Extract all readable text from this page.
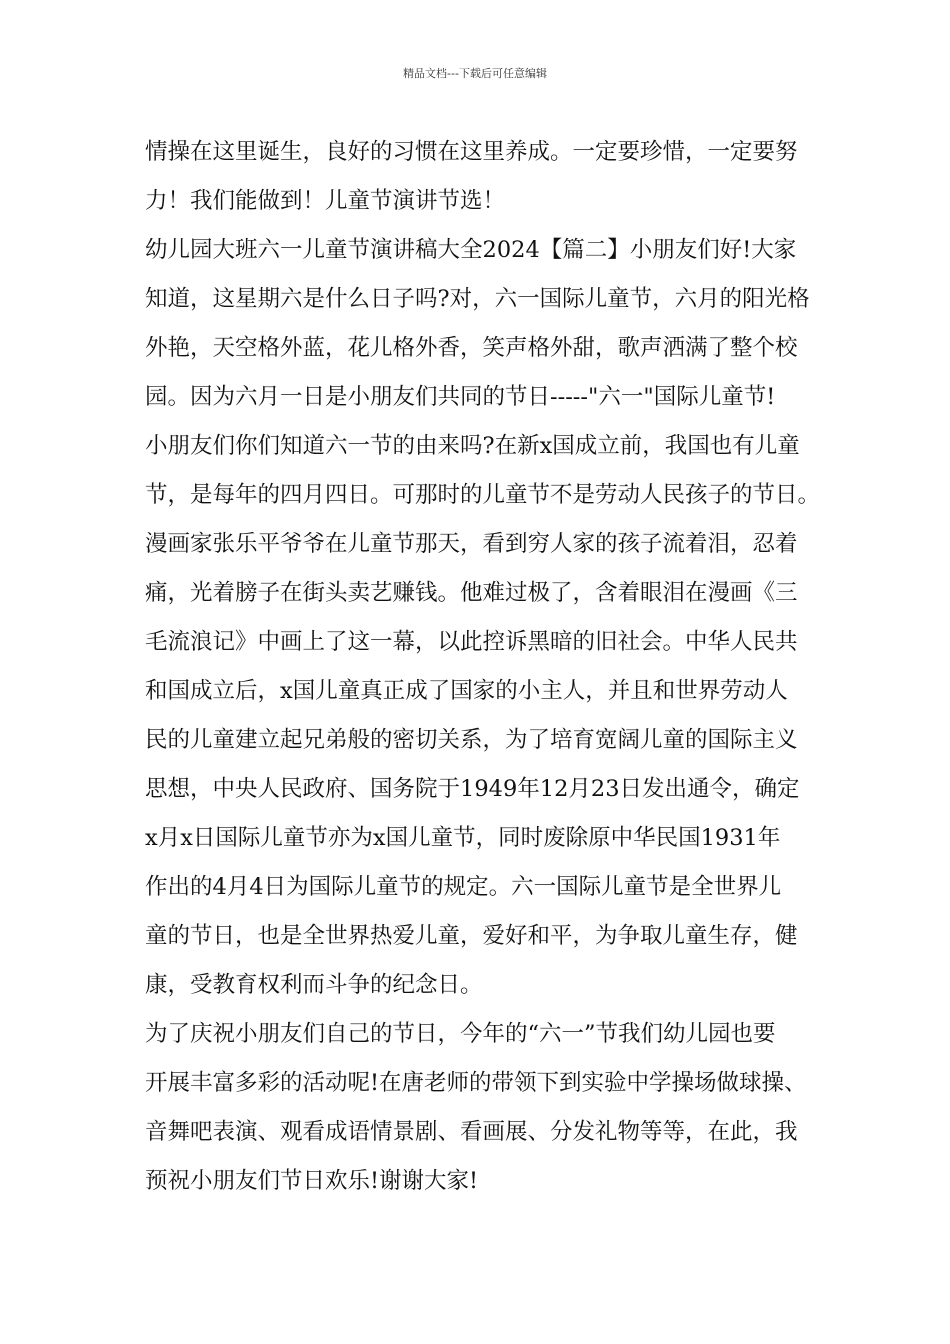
精品文档---下载后可任意编辑
情操在这里诞生，良好的习惯在这里养成。一定要珍惜，一定要努
力！我们能做到！儿童节演讲节选！
幼儿园大班六一儿童节演讲稿大全2024【篇二】小朋友们好!大家
知道，这星期六是什么日子吗?对，六一国际儿童节，六月的阳光格
外艳，天空格外蓝，花儿格外香，笑声格外甜，歌声洒满了整个校
园。因为六月一日是小朋友们共同的节日-----"六一"国际儿童节!
小朋友们你们知道六一节的由来吗?在新x国成立前，我国也有儿童
节，是每年的四月四日。可那时的儿童节不是劳动人民孩子的节日。
漫画家张乐平爷爷在儿童节那天，看到穷人家的孩子流着泪，忍着
痛，光着膀子在街头卖艺赚钱。他难过极了，含着眼泪在漫画《三
毛流浪记》中画上了这一幕，以此控诉黑暗的旧社会。中华人民共
和国成立后，x国儿童真正成了国家的小主人，并且和世界劳动人
民的儿童建立起兄弟般的密切关系，为了培育宽阔儿童的国际主义
思想，中央人民政府、国务院于1949年12月23日发出通令，确定
x月x日国际儿童节亦为x国儿童节，同时废除原中华民国1931年
作出的4月4日为国际儿童节的规定。六一国际儿童节是全世界儿
童的节日，也是全世界热爱儿童，爱好和平，为争取儿童生存，健
康，受教育权利而斗争的纪念日。
为了庆祝小朋友们自己的节日，今年的“六一”节我们幼儿园也要
开展丰富多彩的活动呢!在唐老师的带领下到实验中学操场做球操、
音舞吧表演、观看成语情景剧、看画展、分发礼物等等，在此，我
预祝小朋友们节日欢乐!谢谢大家!
